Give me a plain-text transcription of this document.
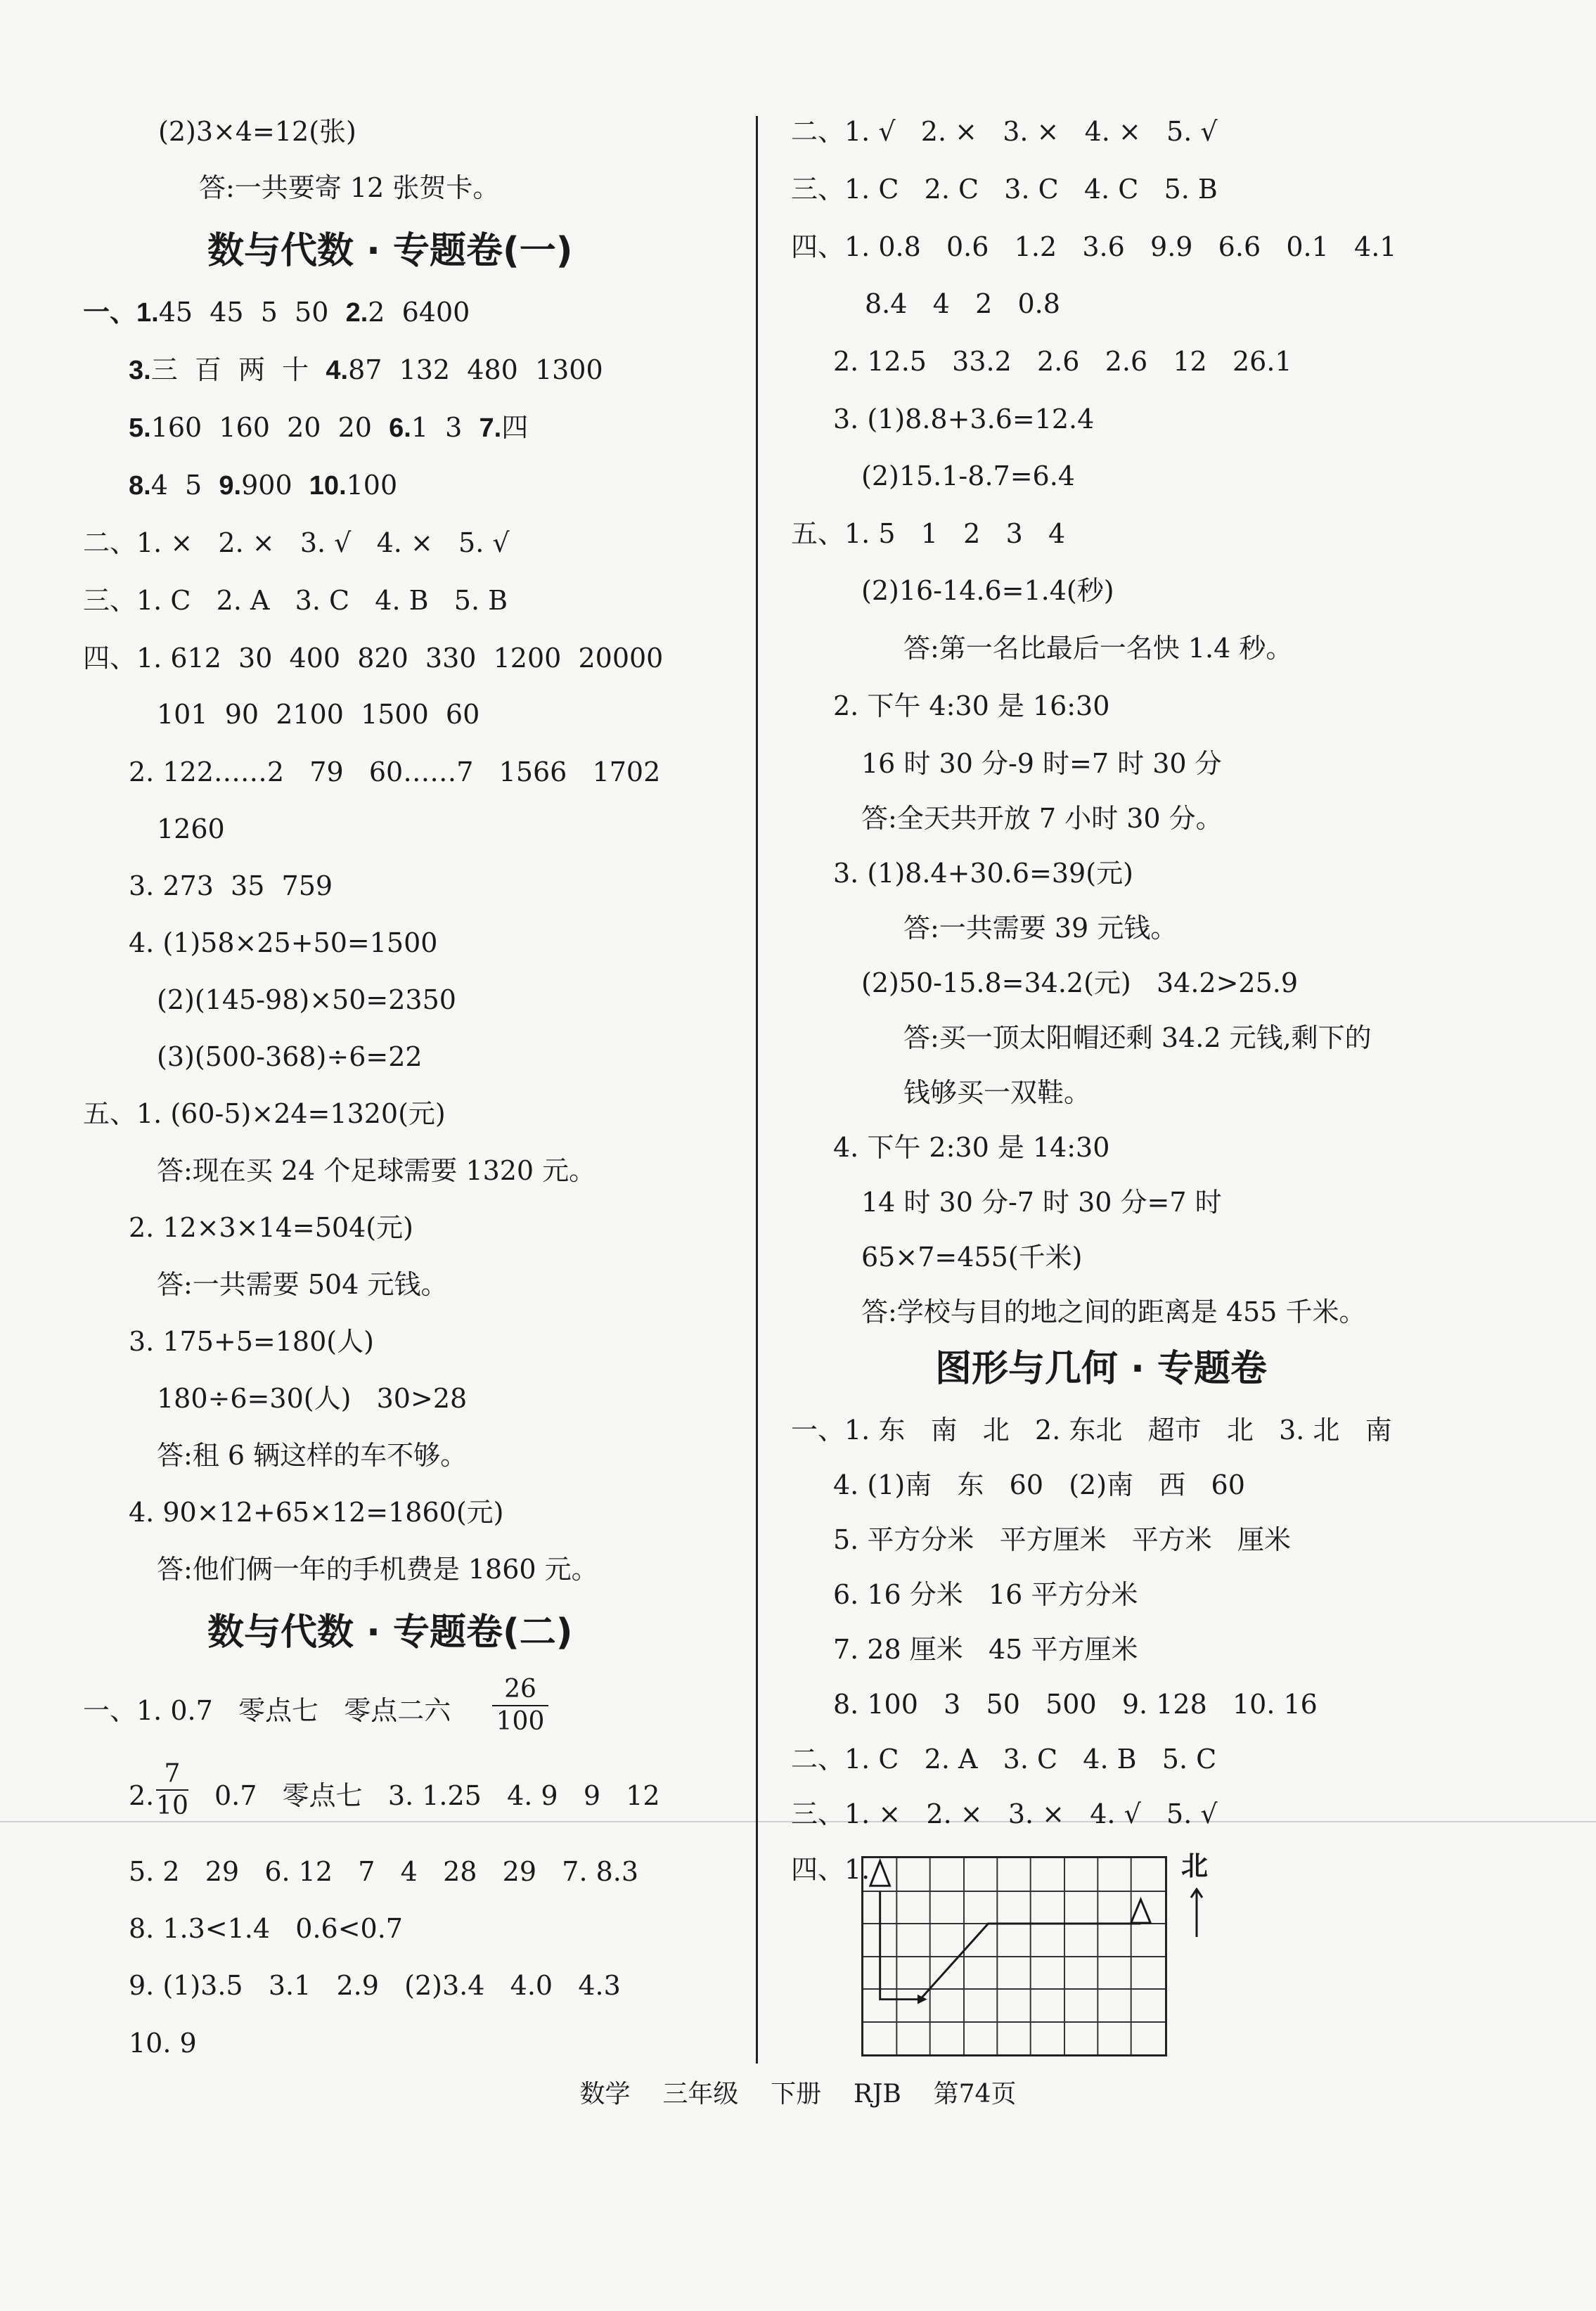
(2)3×4=12(张)
答:一共要寄 12 张贺卡。
数与代数 · 专题卷(一)
一、1.45  45  5  50 2.2  6400
3.三  百  两  十 4.87  132  480  1300
5.160  160  20  20 6.1  3 7.四
8.4  5 9.900 10.100
二、1. ×   2. ×   3. √   4. ×   5. √
三、1. C   2. A   3. C   4. B   5. B
四、1. 612  30  400  820  330  1200  20000
101  90  2100  1500  60
2. 122……2   79   60……7   1566   1702
1260
3. 273  35  759
4. (1)58×25+50=1500
(2)(145-98)×50=2350
(3)(500-368)÷6=22
五、1. (60-5)×24=1320(元)
答:现在买 24 个足球需要 1320 元。
2. 12×3×14=504(元)
答:一共需要 504 元钱。
3. 175+5=180(人)
180÷6=30(人)   30>28
答:租 6 辆这样的车不够。
4. 90×12+65×12=1860(元)
答:他们俩一年的手机费是 1860 元。
数与代数 · 专题卷(二)
一、1. 0.7   零点七   零点二六
26
100
2.
7
10 0.7   零点七   3. 1.25   4. 9   9   12
5. 2   29   6. 12   7   4   28   29   7. 8.3
8. 1.3<1.4   0.6<0.7
9. (1)3.5   3.1   2.9   (2)3.4   4.0   4.3
10. 9
二、1. √   2. ×   3. ×   4. ×   5. √
三、1. C   2. C   3. C   4. C   5. B
四、1. 0.8   0.6   1.2   3.6   9.9   6.6   0.1   4.1
8.4   4   2   0.8
2. 12.5   33.2   2.6   2.6   12   26.1
3. (1)8.8+3.6=12.4
(2)15.1-8.7=6.4
五、1. 5   1   2   3   4
(2)16-14.6=1.4(秒)
答:第一名比最后一名快 1.4 秒。
2. 下午 4:30 是 16:30
16 时 30 分-9 时=7 时 30 分
答:全天共开放 7 小时 30 分。
3. (1)8.4+30.6=39(元)
答:一共需要 39 元钱。
(2)50-15.8=34.2(元)   34.2>25.9
答:买一顶太阳帽还剩 34.2 元钱,剩下的
钱够买一双鞋。
4. 下午 2:30 是 14:30
14 时 30 分-7 时 30 分=7 时
65×7=455(千米)
答:学校与目的地之间的距离是 455 千米。
图形与几何 · 专题卷
一、1. 东   南   北   2. 东北   超市   北   3. 北   南
4. (1)南   东   60   (2)南   西   60
5. 平方分米   平方厘米   平方米   厘米
6. 16 分米   16 平方分米
7. 28 厘米   45 平方厘米
8. 100   3   50   500   9. 128   10. 16
二、1. C   2. A   3. C   4. B   5. C
三、1. ×   2. ×   3. ×   4. √   5. √
四、1.	北
数学    三年级    下册    RJB    第74页
